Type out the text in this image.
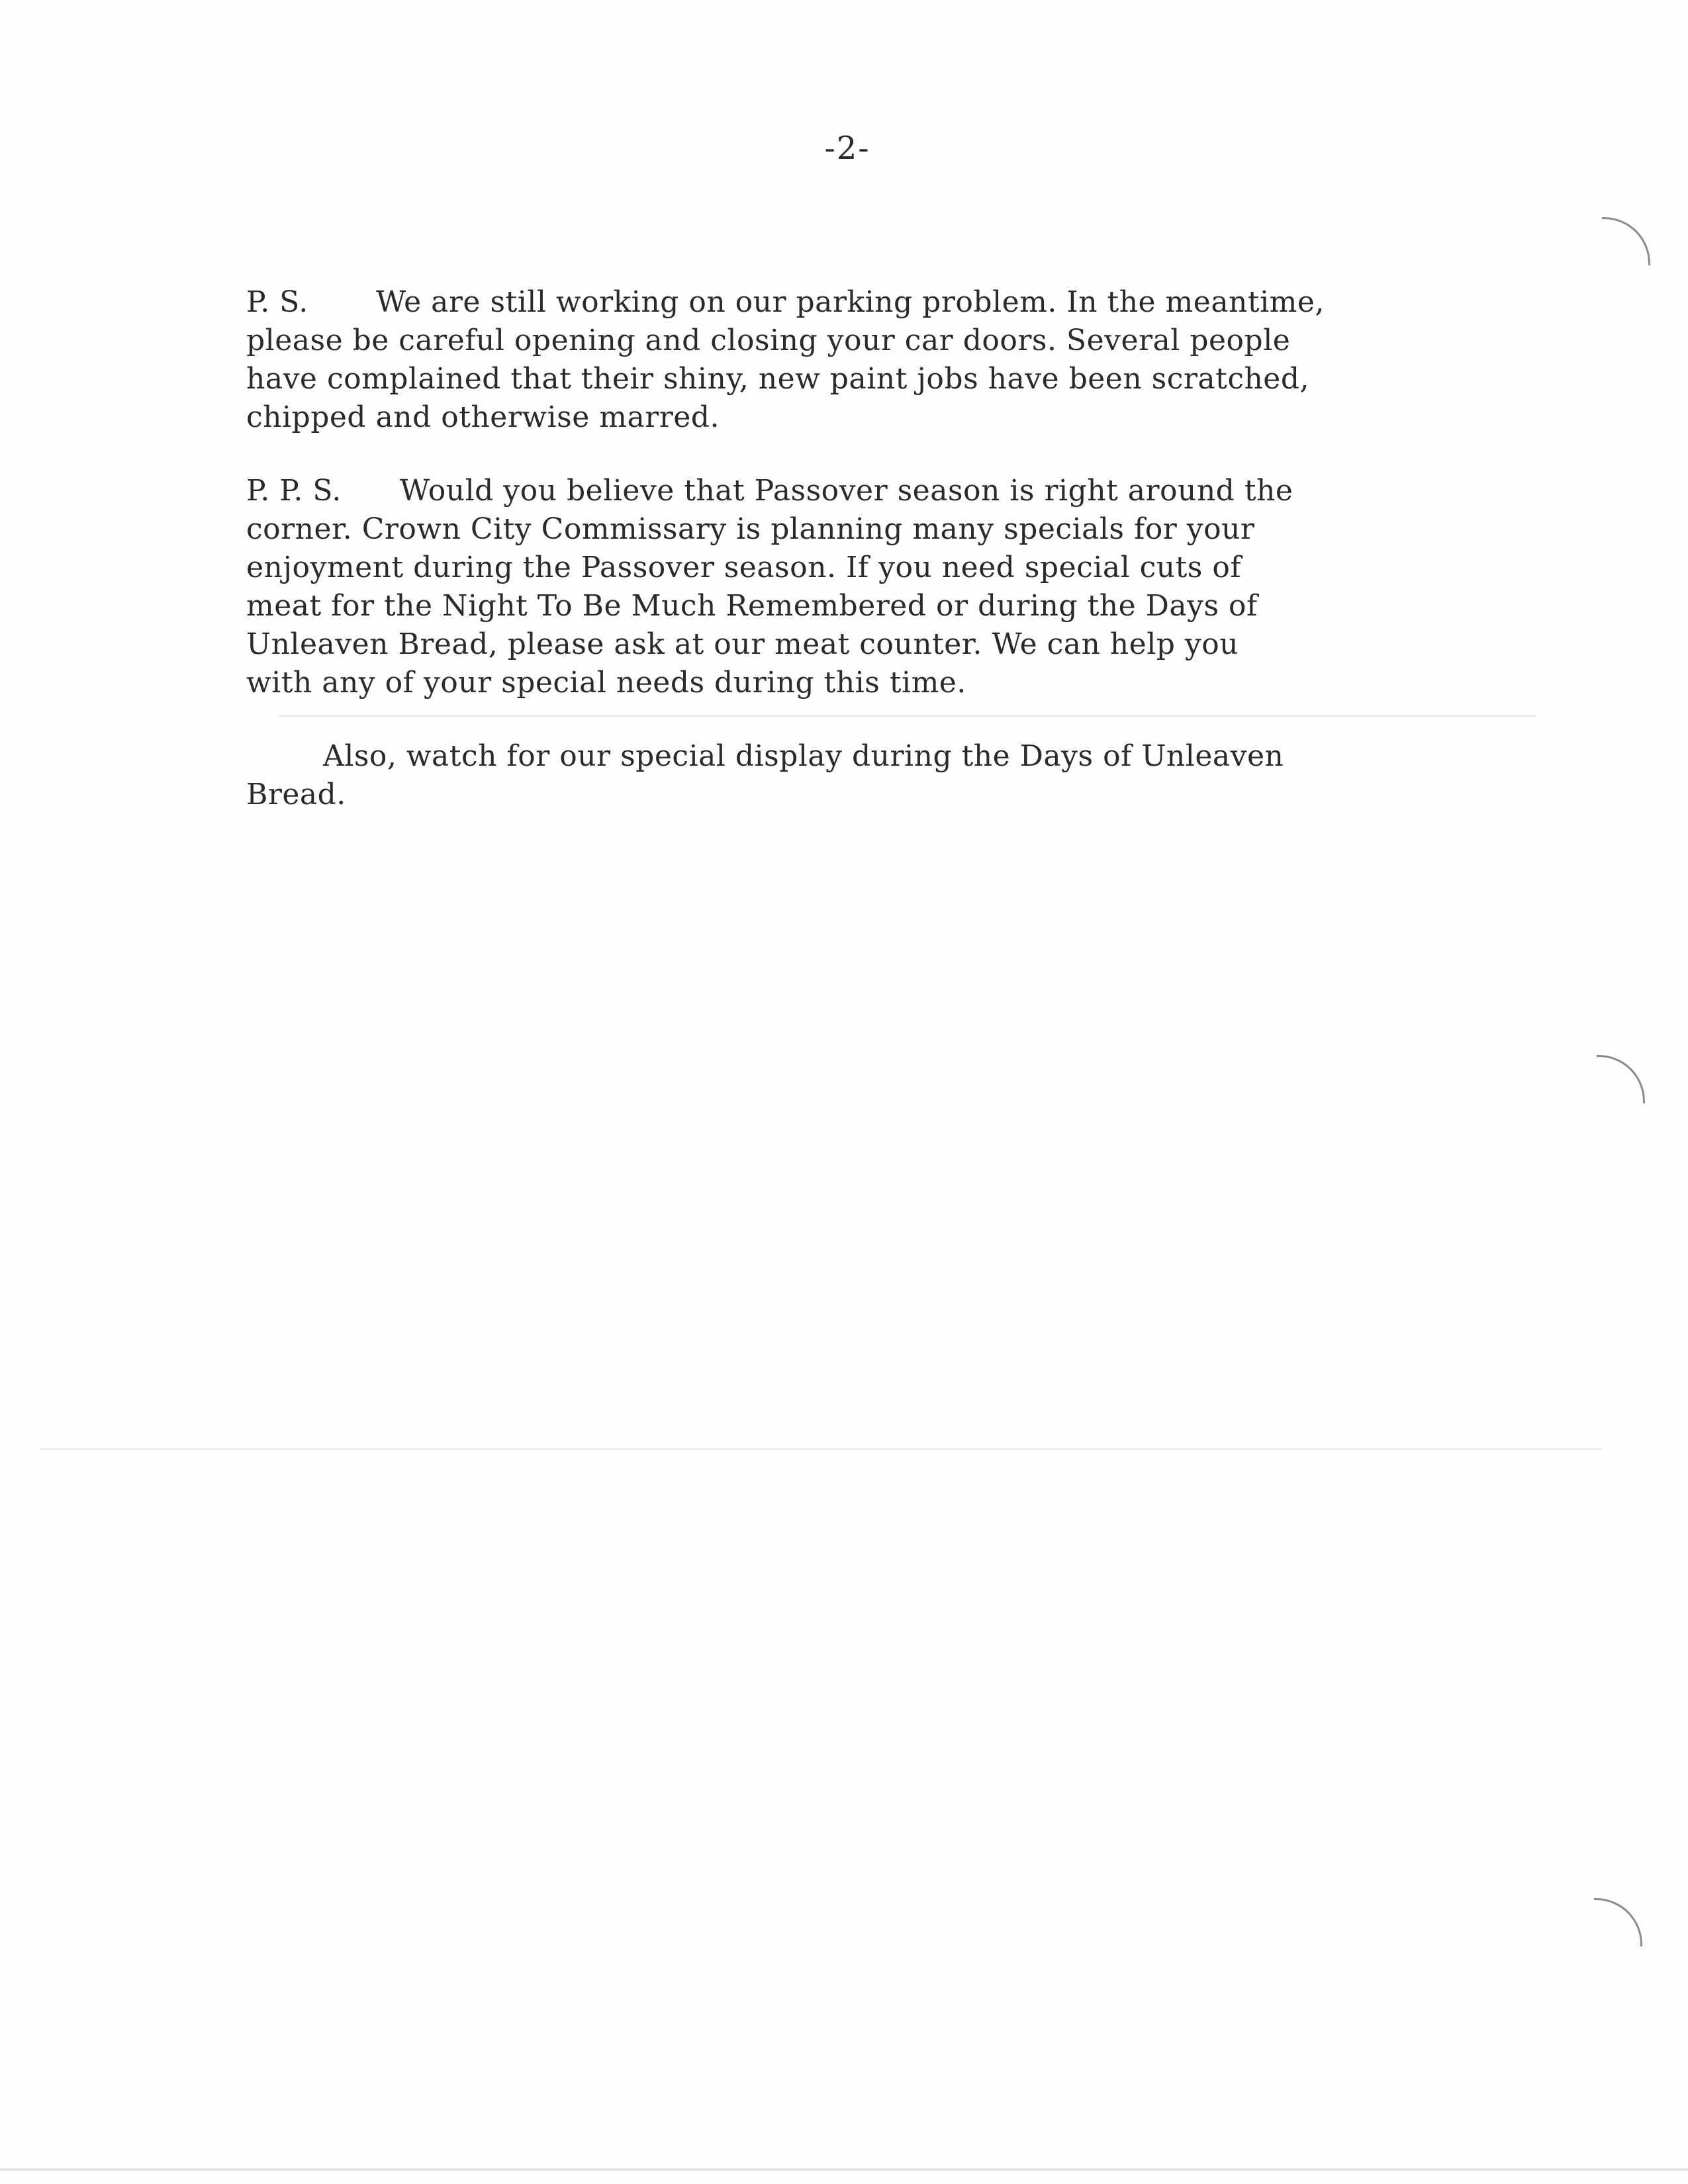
-2-
P. S. We are still working on our parking problem. In the meantime,
please be careful opening and closing your car doors. Several people
have complained that their shiny, new paint jobs have been scratched,
chipped and otherwise marred.
P. P. S. Would you believe that Passover season is right around the
corner. Crown City Commissary is planning many specials for your
enjoyment during the Passover season. If you need special cuts of
meat for the Night To Be Much Remembered or during the Days of
Unleaven Bread, please ask at our meat counter. We can help you
with any of your special needs during this time.
Also, watch for our special display during the Days of Unleaven
Bread.
